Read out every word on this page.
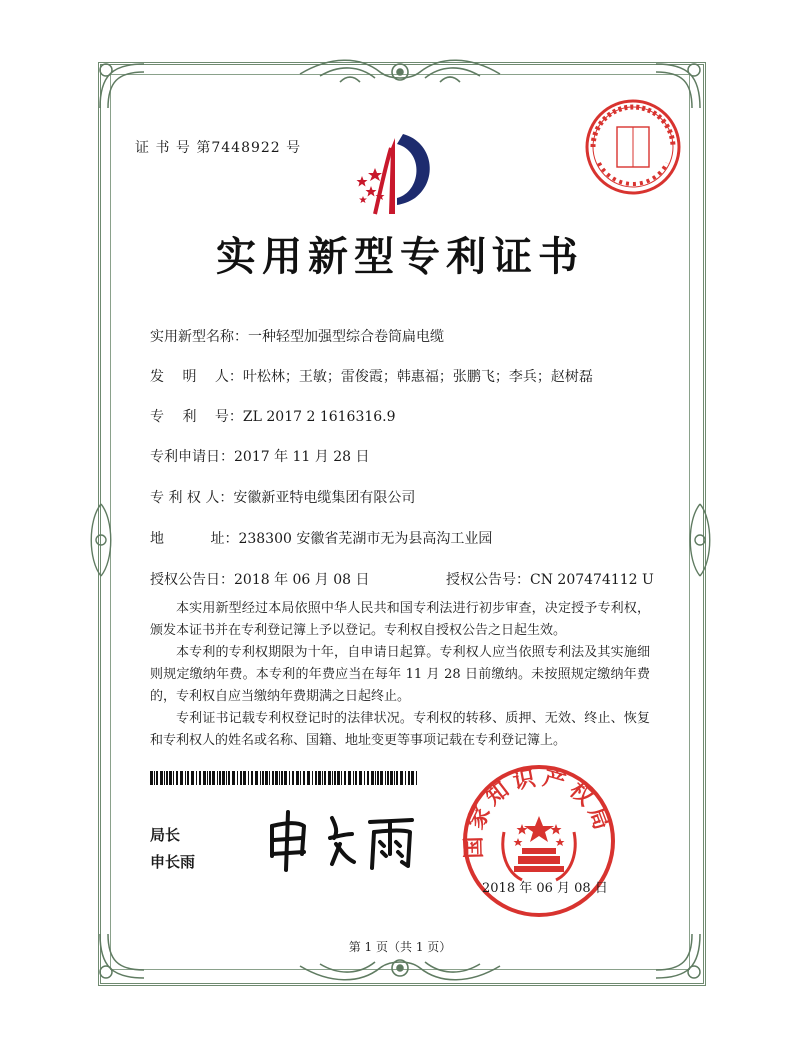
证 书 号 第7448922 号
实用新型专利证书
实用新型名称：一种轻型加强型综合卷筒扁电缆
发　 明　 人：叶松林；王敏；雷俊霞；韩惠福；张鹏飞；李兵；赵树磊
专　 利　 号：ZL 2017 2 1616316.9
专利申请日：2017 年 11 月 28 日
专 利 权 人：安徽新亚特电缆集团有限公司
地　　　 址：238300 安徽省芜湖市无为县高沟工业园
授权公告日：2018 年 06 月 08 日	授权公告号：CN 207474112 U
本实用新型经过本局依照中华人民共和国专利法进行初步审查，决定授予专利权，颁发本证书并在专利登记簿上予以登记。专利权自授权公告之日起生效。
本专利的专利权期限为十年，自申请日起算。专利权人应当依照专利法及其实施细则规定缴纳年费。本专利的年费应当在每年 11 月 28 日前缴纳。未按照规定缴纳年费的，专利权自应当缴纳年费期满之日起终止。
专利证书记载专利权登记时的法律状况。专利权的转移、质押、无效、终止、恢复和专利权人的姓名或名称、国籍、地址变更等事项记载在专利登记簿上。
局长
申长雨
国家知识产权局
2018 年 06 月 08 日
第 1 页（共 1 页）
